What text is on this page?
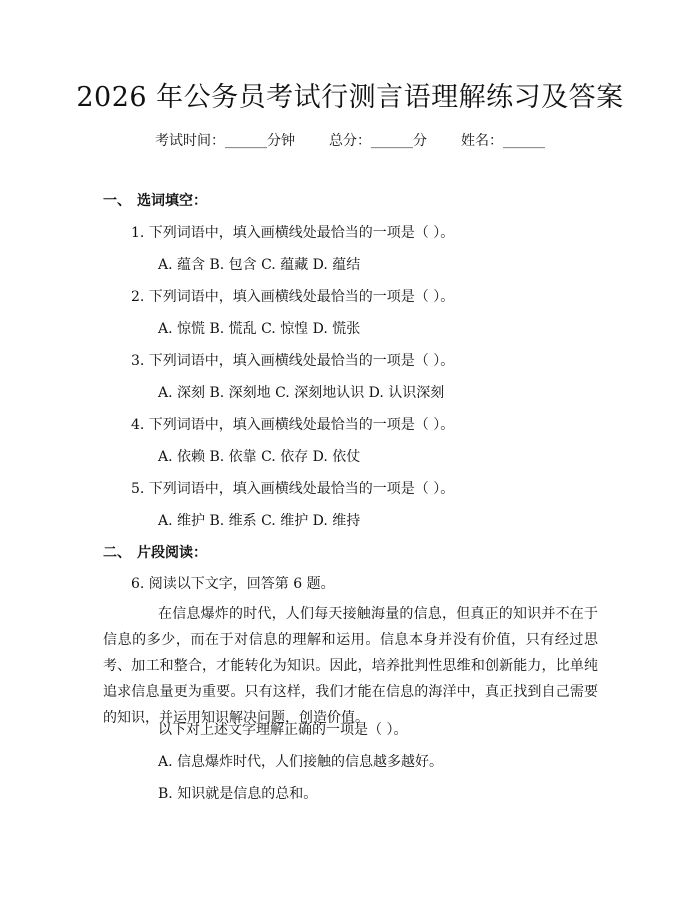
2026 年公务员考试行测言语理解练习及答案
考试时间：______分钟 总分：______分 姓名：______
一、 选词填空：
1. 下列词语中，填入画横线处最恰当的一项是（ ）。
A. 蕴含 B. 包含 C. 蕴藏 D. 蕴结
2. 下列词语中，填入画横线处最恰当的一项是（ ）。
A. 惊慌 B. 慌乱 C. 惊惶 D. 慌张
3. 下列词语中，填入画横线处最恰当的一项是（ ）。
A. 深刻 B. 深刻地 C. 深刻地认识 D. 认识深刻
4. 下列词语中，填入画横线处最恰当的一项是（ ）。
A. 依赖 B. 依靠 C. 依存 D. 依仗
5. 下列词语中，填入画横线处最恰当的一项是（ ）。
A. 维护 B. 维系 C. 维护 D. 维持
二、 片段阅读：
6. 阅读以下文字，回答第 6 题。
在信息爆炸的时代，人们每天接触海量的信息，但真正的知识并不在于信息的多少，而在于对信息的理解和运用。信息本身并没有价值，只有经过思考、加工和整合，才能转化为知识。因此，培养批判性思维和创新能力，比单纯追求信息量更为重要。只有这样，我们才能在信息的海洋中，真正找到自己需要的知识，并运用知识解决问题，创造价值。
以下对上述文字理解正确的一项是（ ）。
A. 信息爆炸时代，人们接触的信息越多越好。
B. 知识就是信息的总和。
